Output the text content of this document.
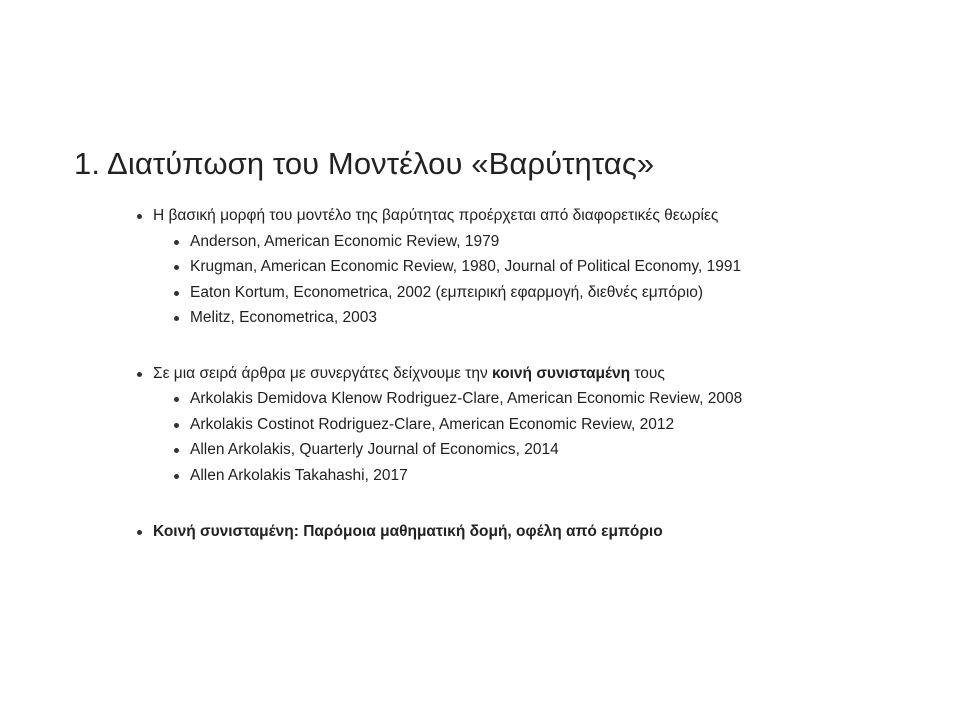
1. Διατύπωση του Μοντέλου «Βαρύτητας»
Η βασική μορφή του μοντέλο της βαρύτητας προέρχεται από διαφορετικές θεωρίες
Anderson, American Economic Review, 1979
Krugman, American Economic Review, 1980, Journal of Political Economy, 1991
Eaton Kortum, Econometrica, 2002 (εμπειρική εφαρμογή, διεθνές εμπόριο)
Melitz, Econometrica, 2003
Σε μια σειρά άρθρα με συνεργάτες δείχνουμε την κοινή συνισταμένη τους
Arkolakis Demidova Klenow Rodriguez-Clare, American Economic Review, 2008
Arkolakis Costinot Rodriguez-Clare, American Economic Review, 2012
Allen Arkolakis, Quarterly Journal of Economics, 2014
Allen Arkolakis Takahashi, 2017
Κοινή συνισταμένη: Παρόμοια μαθηματική δομή, οφέλη από εμπόριο
